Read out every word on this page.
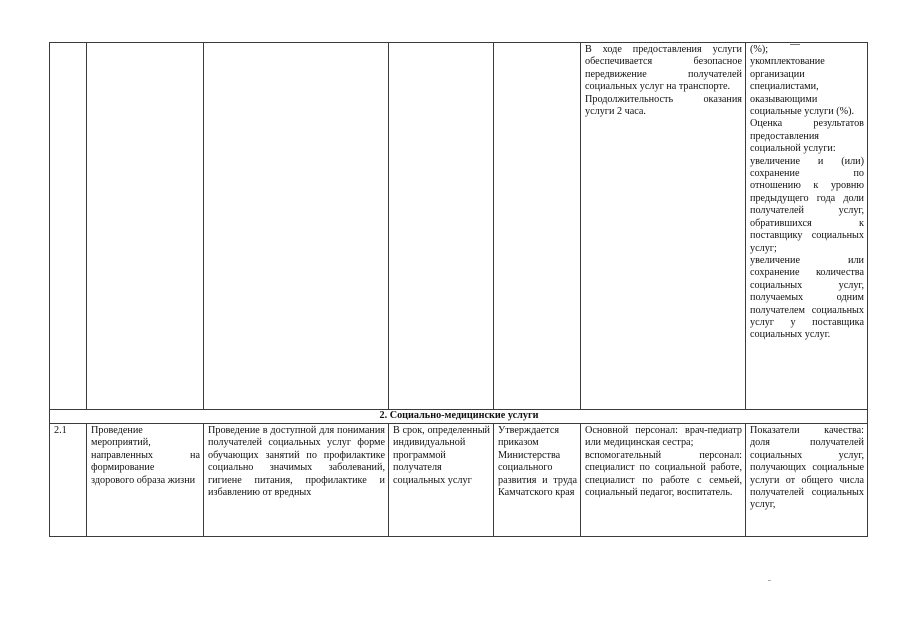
					В ходе предоставления услуги обеспечивается безопасное передвижение получателей социальных услуг на транспорте.
Продолжительность оказания услуги 2 часа.	(%);
укомплектование организации специалистами, оказывающими социальные услуги (%).
Оценка результатов предоставления социальной услуги:
увеличение и (или) сохранение по отношению к уровню предыдущего года доли получателей услуг, обратившихся к поставщику социальных услуг;
увеличение или сохранение количества социальных услуг, получаемых одним получателем социальных услуг у поставщика социальных услуг.

2. Социально-медицинские услуги						
2.1	Проведение мероприятий, направленных на формирование здорового образа жизни	Проведение в доступной для понимания получателей социальных услуг форме обучающих занятий по профилактике социально значимых заболеваний, гигиене питания, профилактике и избавлению от вредных	В срок, определенный индивидуальной программой получателя социальных услуг	Утверждается приказом Министерства социального развития и труда Камчатского края	Основной персонал: врач-педиатр или медицинская сестра;
вспомогательный персонал: специалист по социальной работе, специалист по работе с семьей, социальный педагог, воспитатель.	Показатели качества: доля получателей социальных услуг, получающих социальные услуги от общего числа получателей социальных услуг,
